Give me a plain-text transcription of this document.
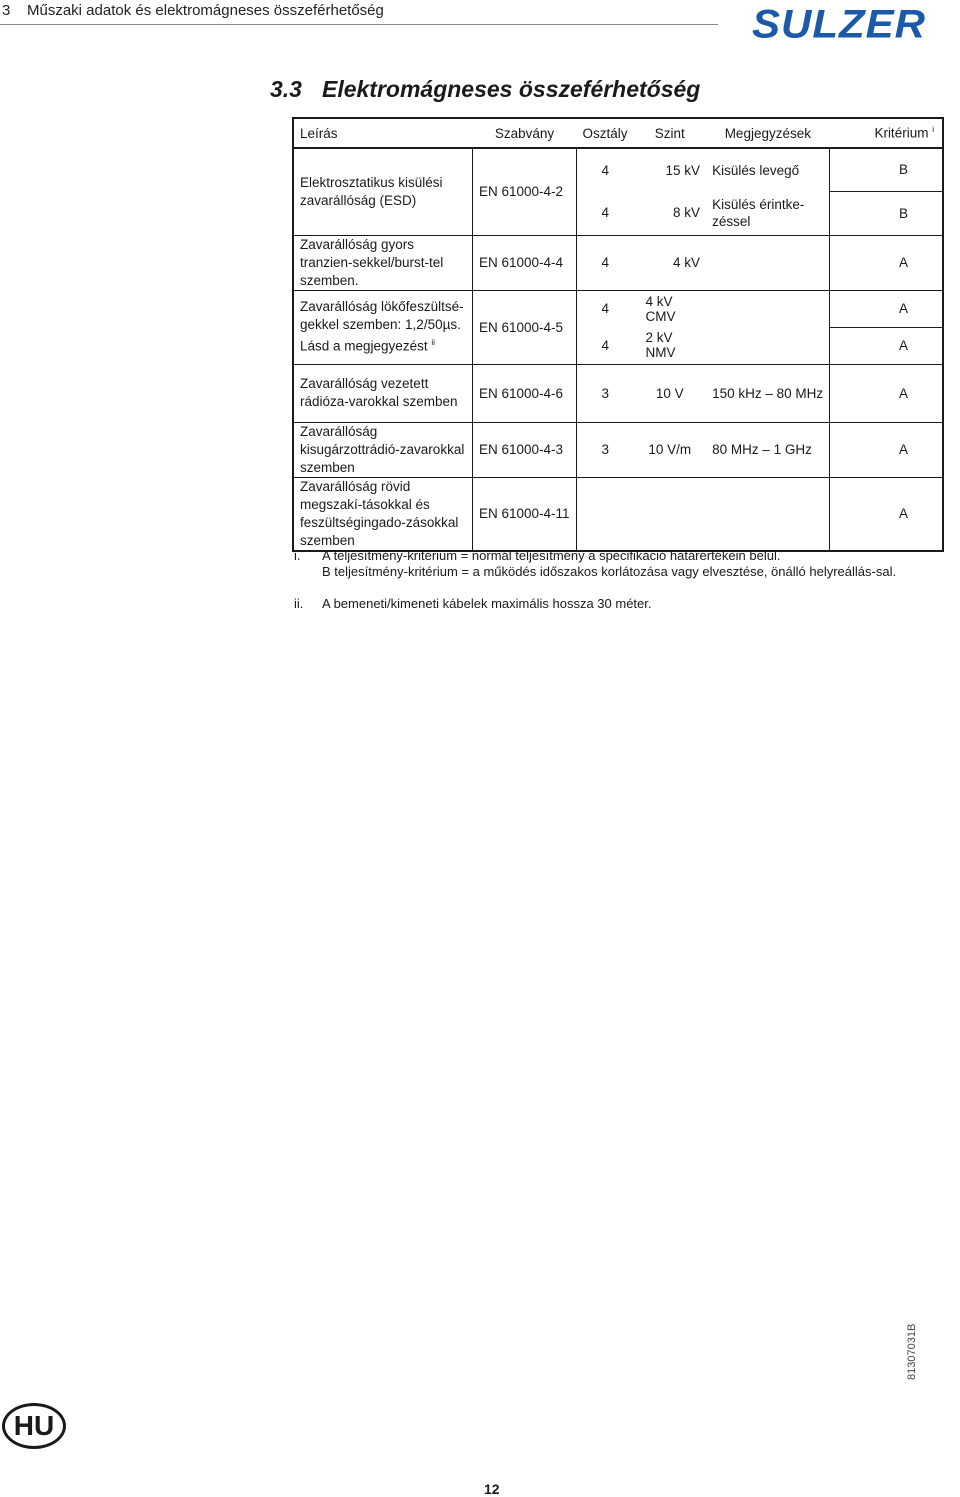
3 Műszaki adatok és elektromágneses összeférhetőség	SULZER
3.3 Elektromágneses összeférhetőség
Leírás	Szabvány	Osztály	Szint	Megjegyzések	Kritérium $^i$
Elektrosztatikus kisülési zavarállóság (ESD)	EN 61000-4-2	4	15 kV	Kisülés levegő	B
		4	8 kV	Kisülés érintke-zéssel	B
Zavarállóság gyors tranzien-sekkel/burst-tel szemben.	EN 61000-4-4	4	4 kV		A
Zavarállóság lökőfeszültsé-gekkel szemben: 1,2/50µs. Lásd a megjegyezést $^{ii}$	EN 61000-4-5	4	4 kV CMV		A
		4	2 kV NMV		A
Zavarállóság vezetett rádióza-varokkal szemben	EN 61000-4-6	3	10 V	150 kHz – 80 MHz	A
Zavarállóság kisugárzottrádió-zavarokkal szemben	EN 61000-4-3	3	10 V/m	80 MHz – 1 GHz	A
Zavarállóság rövid megszakí-tásokkal és feszültségingado-zásokkal szemben	EN 61000-4-11				A
i. A teljesítmény-kritérium = normál teljesítmény a specifikáció határértékein belül.
B teljesítmény-kritérium = a működés időszakos korlátozása vagy elvesztése, önálló helyreállás-sal.
ii. A bemeneti/kimeneti kábelek maximális hossza 30 méter.
HU
12
81307031B
